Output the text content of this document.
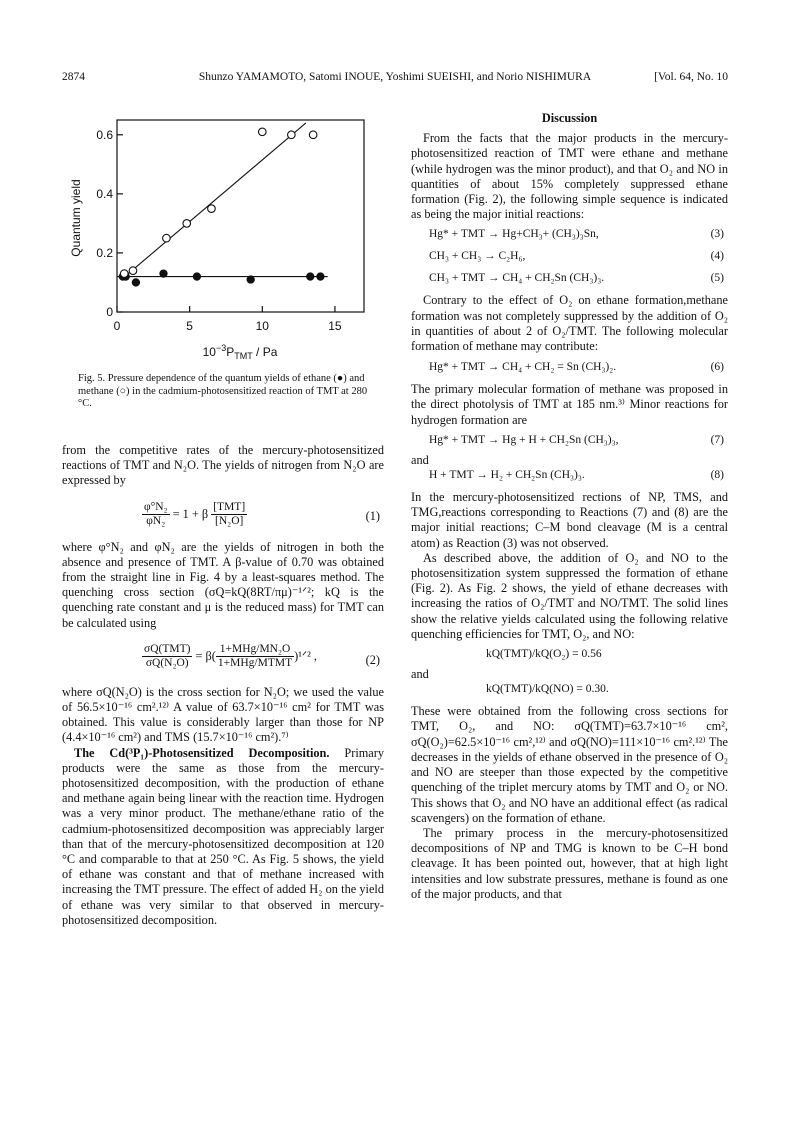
2874	Shunzo YAMAMOTO, Satomi INOUE, Yoshimi SUEISHI, and Norio NISHIMURA	[Vol. 64, No. 10
0	5	10	15
0
0.2
0.4
0.6
Quantum yield
$10^{-3}P_{TMT}$ / Pa
Fig. 5. Pressure dependence of the quantum yields of ethane (●) and methane (○) in the cadmium-photosensitized reaction of TMT at 280 °C.

from the competitive rates of the mercury-photosensitized reactions of TMT and N₂O. The yields of nitrogen from N₂O are expressed by

$\frac{\text{φ°N₂}}{\text{φN₂}} = 1 + \beta \frac{\text{[TMT]}}{\text{[N₂O]}}$	(1)

where φ°N₂ and φN₂ are the yields of nitrogen in both the absence and presence of TMT. A β-value of 0.70 was obtained from the straight line in Fig. 4 by a least-squares method. The quenching cross section (σQ=kQ(8RT/πμ)⁻¹ᐟ²; kQ is the quenching rate constant and μ is the reduced mass) for TMT can be calculated using

$\frac{\text{σQ(TMT)}}{\text{σQ(N₂O)}} = \beta( \frac{\text{1+MHg/MN₂O}}{\text{1+MHg/MTMT}}$ )¹ᐟ² ,	(2)

where σQ(N₂O) is the cross section for N₂O; we used the value of 56.5×10⁻¹⁶ cm².¹²⁾ A value of 63.7×10⁻¹⁶ cm² for TMT was obtained. This value is considerably larger than those for NP (4.4×10⁻¹⁶ cm²) and TMS (15.7×10⁻¹⁶ cm²).⁷⁾

The Cd(³P₁)-Photosensitized Decomposition. Primary products were the same as those from the mercury-photosensitized decomposition, with the production of ethane and methane again being linear with the reaction time. Hydrogen was a very minor product. The methane/ethane ratio of the cadmium-photosensitized decomposition was appreciably larger than that of the mercury-photosensitized decomposition at 120 °C and comparable to that at 250 °C. As Fig. 5 shows, the yield of ethane was constant and that of methane increased with increasing the TMT pressure. The effect of added H₂ on the yield of ethane was very similar to that observed in mercury-photosensitized decomposition.

Discussion

From the facts that the major products in the mercury-photosensitized reaction of TMT were ethane and methane (while hydrogen was the minor product), and that O₂ and NO in quantities of about 15% completely suppressed ethane formation (Fig. 2), the following simple sequence is indicated as being the major initial reactions:

Hg* + TMT → Hg+CH₃+ (CH₃)₃Sn,	(3)
CH₃ + CH₃ → C₂H₆,	(4)
CH₃ + TMT → CH₄ + CH₂Sn (CH₃)₃.	(5)

Contrary to the effect of O₂ on ethane formation,methane formation was not completely suppressed by the addition of O₂ in quantities of about 2 of O₂/TMT. The following molecular formation of methane may contribute:

Hg* + TMT → CH₄ + CH₂ = Sn (CH₃)₂.	(6)

The primary molecular formation of methane was proposed in the direct photolysis of TMT at 185 nm.³⁾ Minor reactions for hydrogen formation are

Hg* + TMT → Hg + H + CH₂Sn (CH₃)₃,	(7)

and

H + TMT → H₂ + CH₂Sn (CH₃)₃.	(8)

In the mercury-photosensitized rections of NP, TMS, and TMG,reactions corresponding to Reactions (7) and (8) are the major initial reactions; C–M bond cleavage (M is a central atom) as Reaction (3) was not observed.

As described above, the addition of O₂ and NO to the photosensitization system suppressed the formation of ethane (Fig. 2). As Fig. 2 shows, the yield of ethane decreases with increasing the ratios of O₂/TMT and NO/TMT. The solid lines show the relative yields calculated using the following relative quenching efficiencies for TMT, O₂, and NO:

kQ(TMT)/kQ(O₂) = 0.56

and

kQ(TMT)/kQ(NO) = 0.30.

These were obtained from the following cross sections for TMT, O₂, and NO: σQ(TMT)=63.7×10⁻¹⁶ cm², σQ(O₂)=62.5×10⁻¹⁶ cm²,¹²⁾ and σQ(NO)=111×10⁻¹⁶ cm².¹²⁾ The decreases in the yields of ethane observed in the presence of O₂ and NO are steeper than those expected by the competitive quenching of the triplet mercury atoms by TMT and O₂ or NO. This shows that O₂ and NO have an additional effect (as radical scavengers) on the formation of ethane.

The primary process in the mercury-photosensitized decompositions of NP and TMG is known to be C–H bond cleavage. It has been pointed out, however, that at high light intensities and low substrate pressures, methane is found as one of the major products, and that
